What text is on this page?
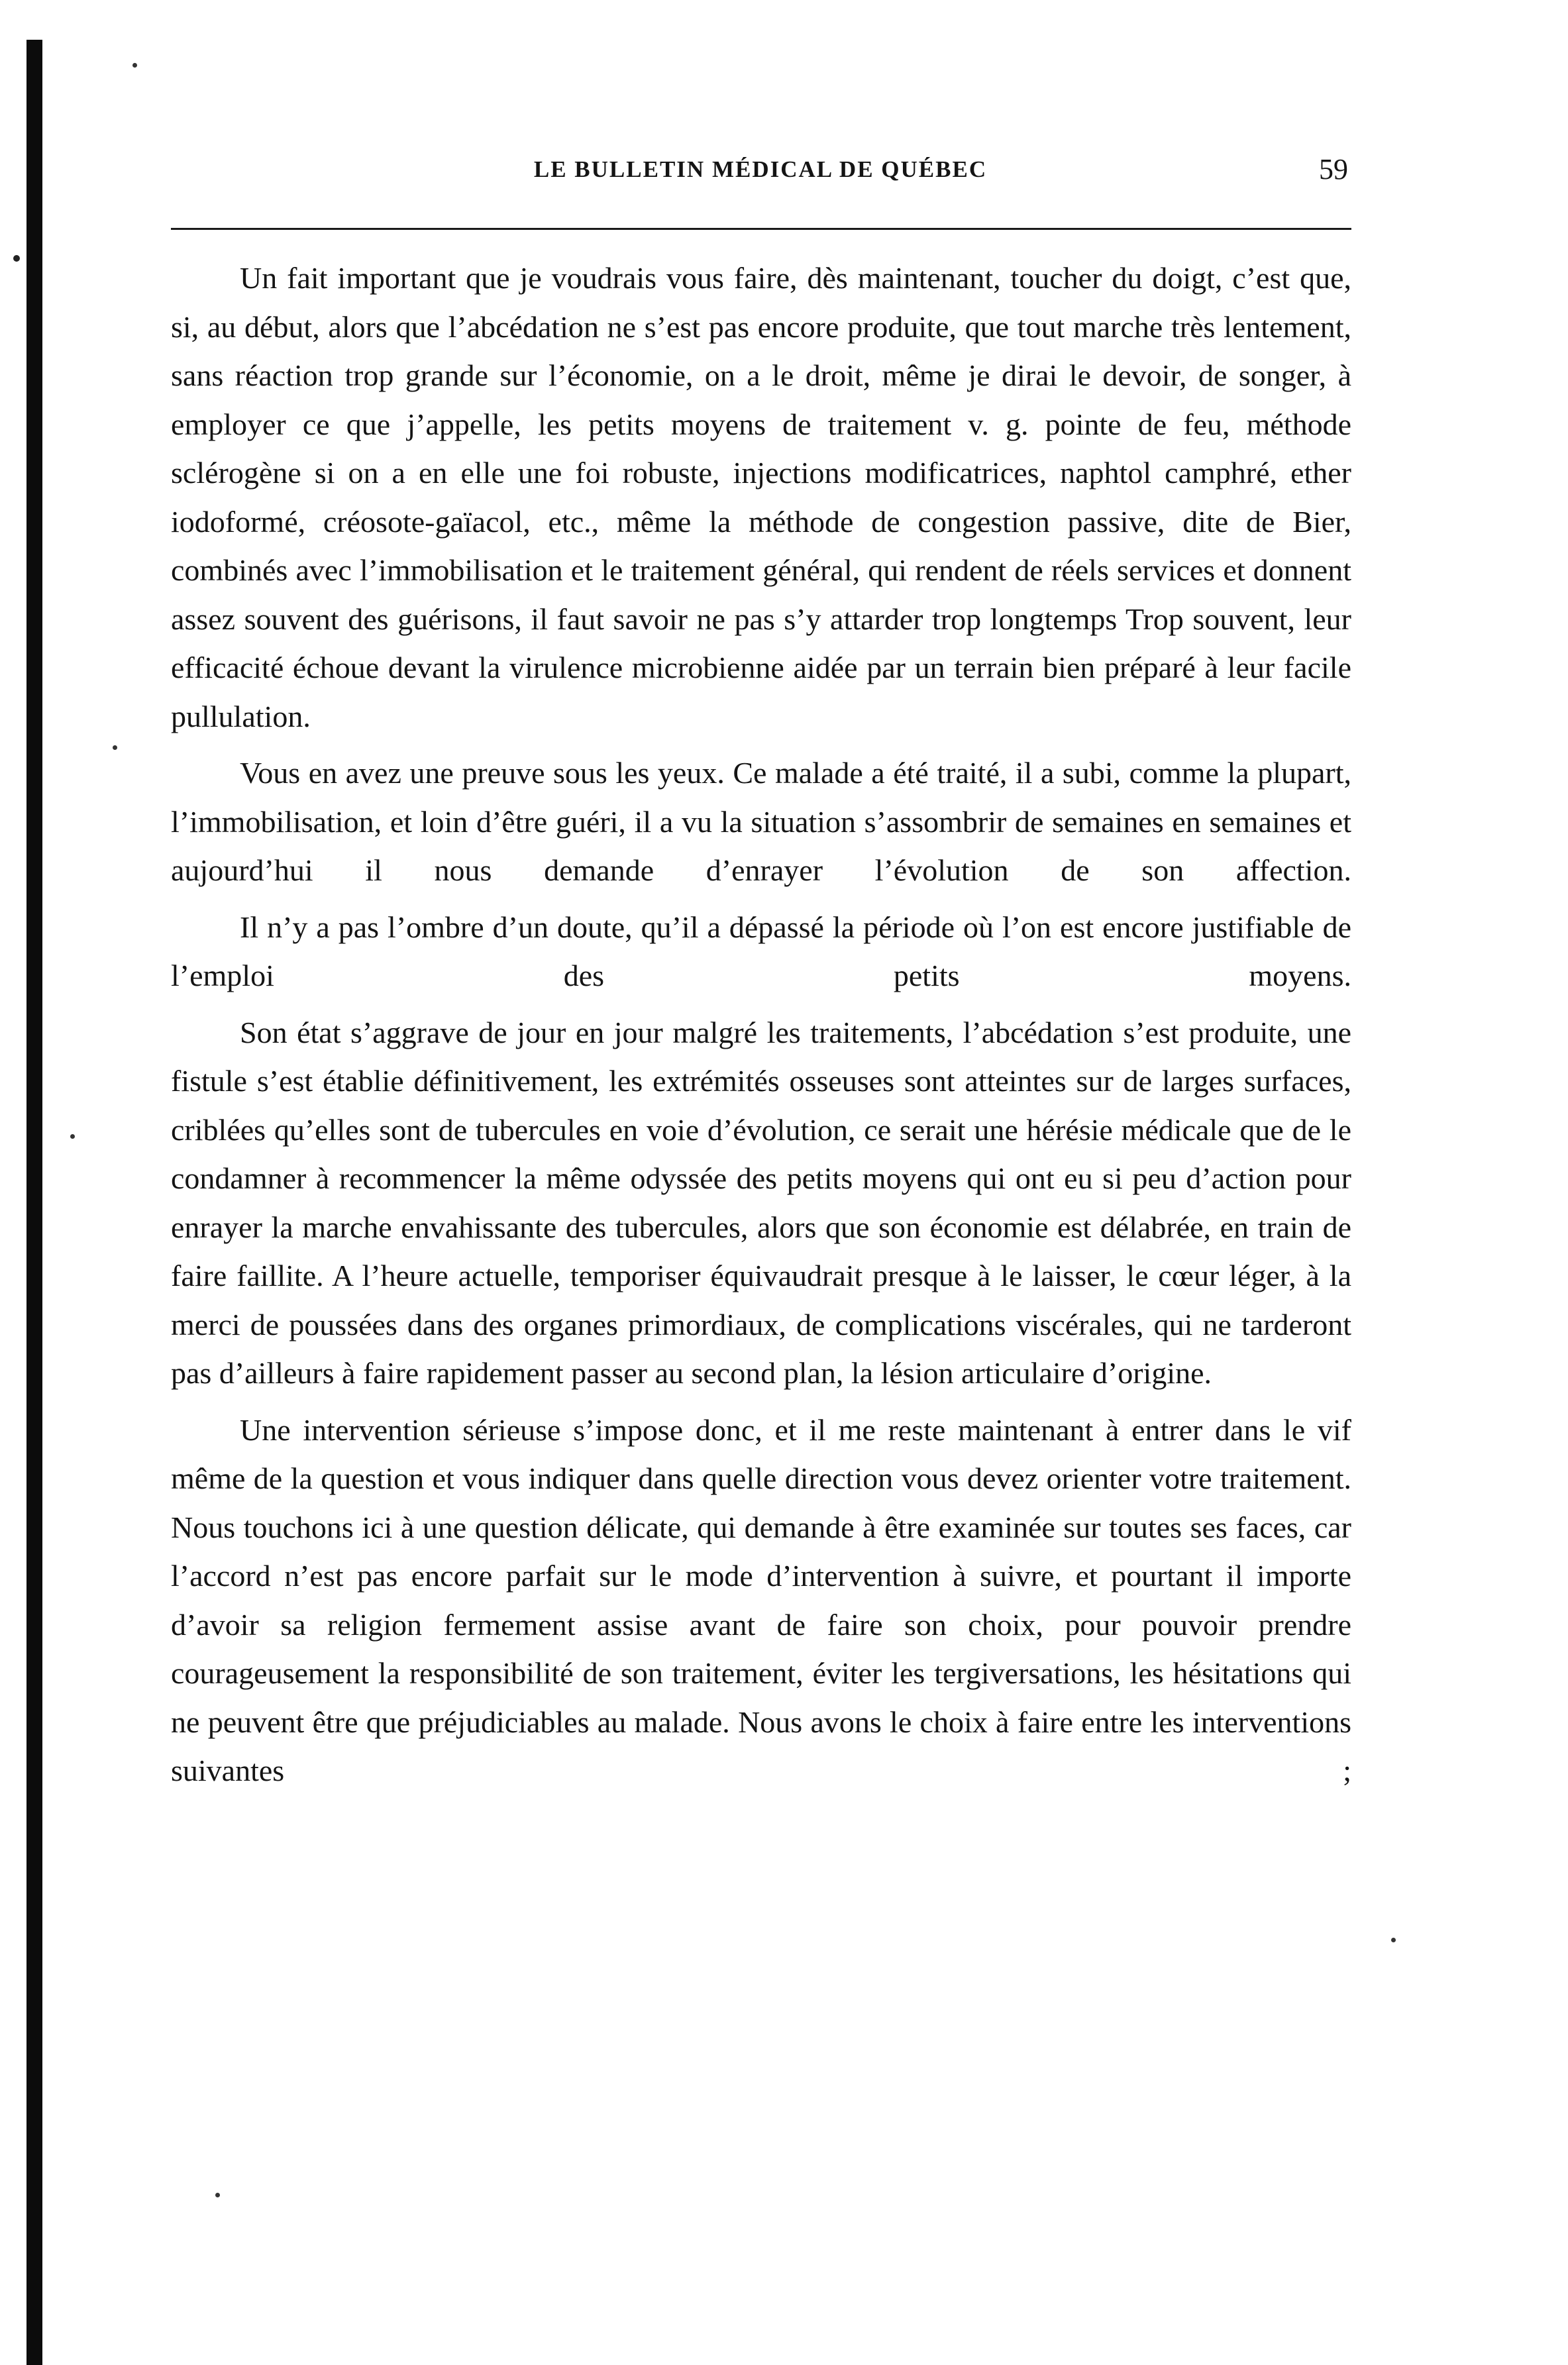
LE BULLETIN MÉDICAL DE QUÉBEC	59

Un fait important que je voudrais vous faire, dès maintenant, toucher du doigt, c’est que, si, au début, alors que l’abcédation ne s’est pas encore produite, que tout marche très lentement, sans réaction trop grande sur l’économie, on a le droit, même je dirai le devoir, de songer, à employer ce que j’appelle, les petits moyens de traitement v. g. pointe de feu, méthode sclérogène si on a en elle une foi robuste, injections modificatrices, naphtol camphré, ether iodoformé, créosote-gaïacol, etc., même la méthode de congestion passive, dite de Bier, combinés avec l’immobilisation et le traitement général, qui rendent de réels services et donnent assez souvent des guérisons, il faut savoir ne pas s’y attarder trop longtemps Trop souvent, leur efficacité échoue devant la virulence microbienne aidée par un terrain bien préparé à leur facile pullulation.

Vous en avez une preuve sous les yeux. Ce malade a été traité, il a subi, comme la plupart, l’immobilisation, et loin d’être guéri, il a vu la situation s’assombrir de semaines en semaines et aujourd’hui il nous demande d’enrayer l’évolution de son affection.

Il n’y a pas l’ombre d’un doute, qu’il a dépassé la période où l’on est encore justifiable de l’emploi des petits moyens.

Son état s’aggrave de jour en jour malgré les traitements, l’abcédation s’est produite, une fistule s’est établie définitivement, les extrémités osseuses sont atteintes sur de larges surfaces, criblées qu’elles sont de tubercules en voie d’évolution, ce serait une hérésie médicale que de le condamner à recommencer la même odyssée des petits moyens qui ont eu si peu d’action pour enrayer la marche envahissante des tubercules, alors que son économie est délabrée, en train de faire faillite. A l’heure actuelle, temporiser équivaudrait presque à le laisser, le cœur léger, à la merci de poussées dans des organes primordiaux, de complications viscérales, qui ne tarderont pas d’ailleurs à faire rapidement passer au second plan, la lésion articulaire d’origine.

Une intervention sérieuse s’impose donc, et il me reste maintenant à entrer dans le vif même de la question et vous indiquer dans quelle direction vous devez orienter votre traitement. Nous touchons ici à une question délicate, qui demande à être examinée sur toutes ses faces, car l’accord n’est pas encore parfait sur le mode d’intervention à suivre, et pourtant il importe d’avoir sa religion fermement assise avant de faire son choix, pour pouvoir prendre courageusement la responsibilité de son traitement, éviter les tergiversations, les hésitations qui ne peuvent être que préjudiciables au malade. Nous avons le choix à faire entre les interventions suivantes ;
